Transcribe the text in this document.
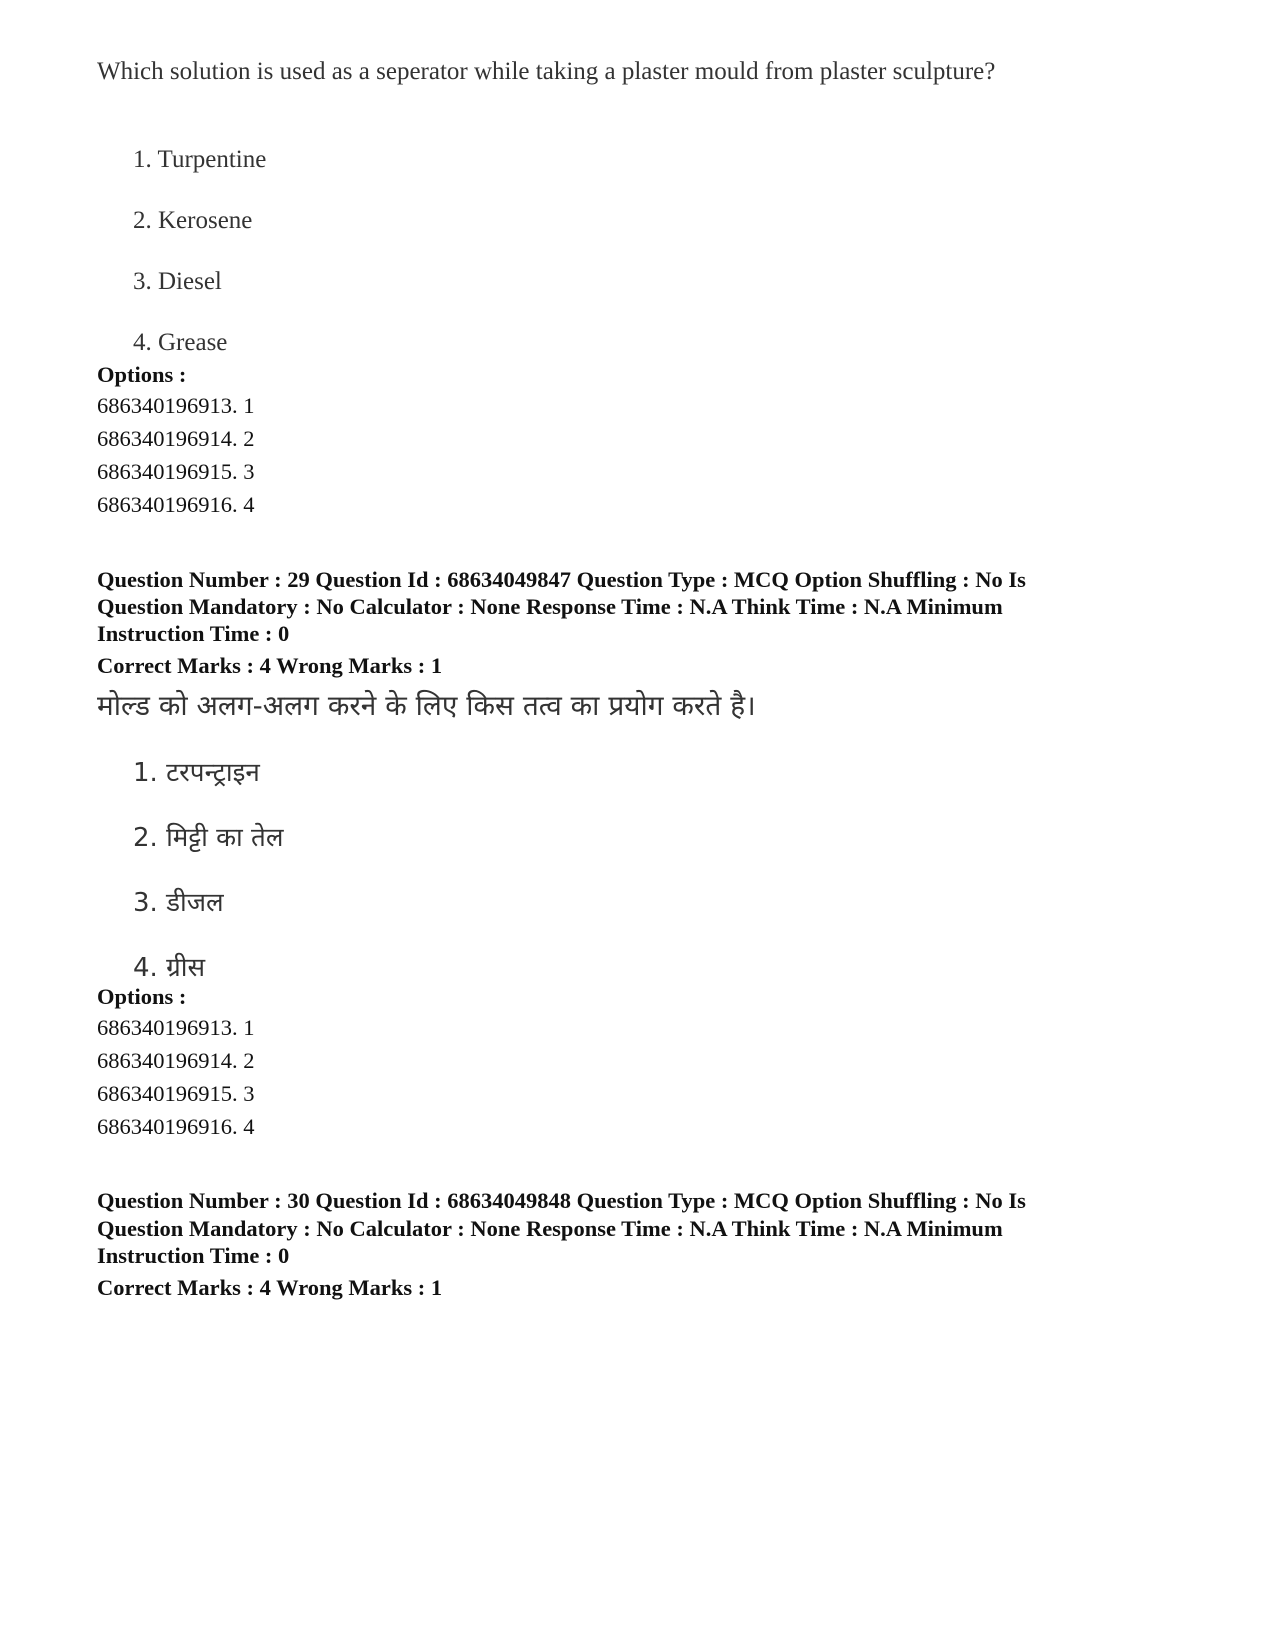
Which solution is used as a seperator while taking a plaster mould from plaster sculpture?
1. Turpentine
2. Kerosene
3. Diesel
4. Grease
Options :
686340196913. 1
686340196914. 2
686340196915. 3
686340196916. 4
Question Number : 29 Question Id : 68634049847 Question Type : MCQ Option Shuffling : No Is
Question Mandatory : No Calculator : None Response Time : N.A Think Time : N.A Minimum
Instruction Time : 0
Correct Marks : 4 Wrong Marks : 1
मोल्ड को अलग-अलग करने के लिए किस तत्व का प्रयोग करते है।
1. टरपन्ट्राइन
2. मिट्टी का तेल
3. डीजल
4. ग्रीस
Options :
686340196913. 1
686340196914. 2
686340196915. 3
686340196916. 4
Question Number : 30 Question Id : 68634049848 Question Type : MCQ Option Shuffling : No Is
Question Mandatory : No Calculator : None Response Time : N.A Think Time : N.A Minimum
Instruction Time : 0
Correct Marks : 4 Wrong Marks : 1
